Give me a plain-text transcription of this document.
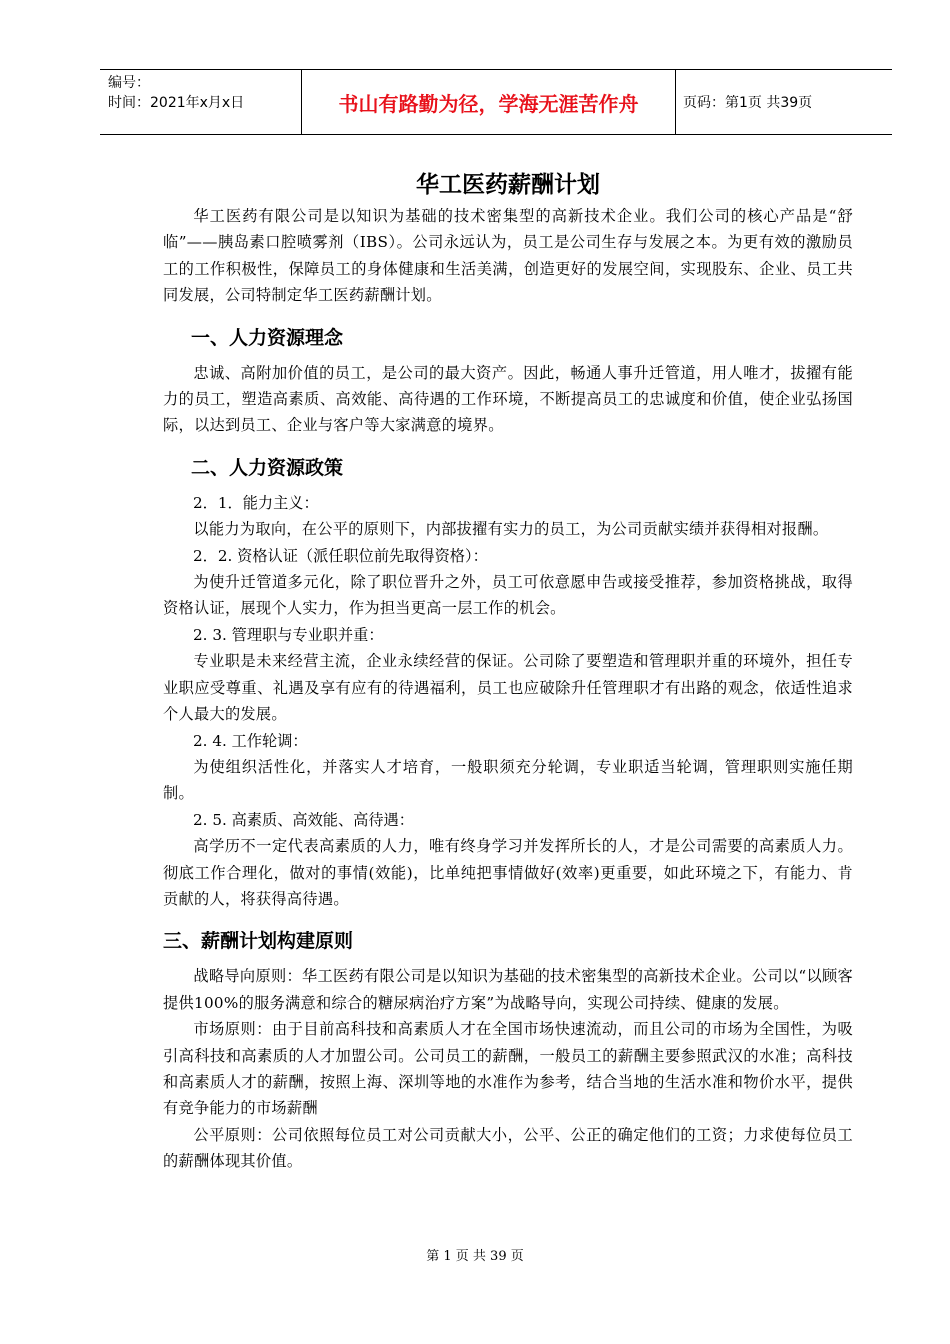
编号：
时间：2021年x月x日	书山有路勤为径，学海无涯苦作舟	页码：第1页 共39页
华工医药薪酬计划

华工医药有限公司是以知识为基础的技术密集型的高新技术企业。我们公司的核心产品是“舒临”——胰岛素口腔喷雾剂（IBS）。公司永远认为，员工是公司生存与发展之本。为更有效的激励员工的工作积极性，保障员工的身体健康和生活美满，创造更好的发展空间，实现股东、企业、员工共同发展，公司特制定华工医药薪酬计划。

一、人力资源理念

忠诚、高附加价值的员工，是公司的最大资产。因此，畅通人事升迁管道，用人唯才，拔擢有能力的员工，塑造高素质、高效能、高待遇的工作环境，不断提高员工的忠诚度和价值，使企业弘扬国际，以达到员工、企业与客户等大家满意的境界。

二、人力资源政策

2．1．能力主义：

以能力为取向，在公平的原则下，内部拔擢有实力的员工，为公司贡献实绩并获得相对报酬。

2．2. 资格认证（派任职位前先取得资格）：

为使升迁管道多元化，除了职位晋升之外，员工可依意愿申告或接受推荐，参加资格挑战，取得资格认证，展现个人实力，作为担当更高一层工作的机会。

2. 3. 管理职与专业职并重：

专业职是未来经营主流，企业永续经营的保证。公司除了要塑造和管理职并重的环境外，担任专业职应受尊重、礼遇及享有应有的待遇福利，员工也应破除升任管理职才有出路的观念，依适性追求个人最大的发展。

2. 4. 工作轮调：

为使组织活性化，并落实人才培育，一般职须充分轮调，专业职适当轮调，管理职则实施任期制。

2. 5. 高素质、高效能、高待遇：

高学历不一定代表高素质的人力，唯有终身学习并发挥所长的人，才是公司需要的高素质人力。彻底工作合理化，做对的事情(效能)，比单纯把事情做好(效率)更重要，如此环境之下，有能力、肯贡献的人，将获得高待遇。

三、薪酬计划构建原则

战略导向原则：华工医药有限公司是以知识为基础的技术密集型的高新技术企业。公司以“以顾客提供100%的服务满意和综合的糖尿病治疗方案”为战略导向，实现公司持续、健康的发展。

市场原则：由于目前高科技和高素质人才在全国市场快速流动，而且公司的市场为全国性，为吸引高科技和高素质的人才加盟公司。公司员工的薪酬，一般员工的薪酬主要参照武汉的水准；高科技和高素质人才的薪酬，按照上海、深圳等地的水准作为参考，结合当地的生活水准和物价水平，提供有竞争能力的市场薪酬

公平原则：公司依照每位员工对公司贡献大小，公平、公正的确定他们的工资；力求使每位员工的薪酬体现其价值。

第 1 页 共 39 页
